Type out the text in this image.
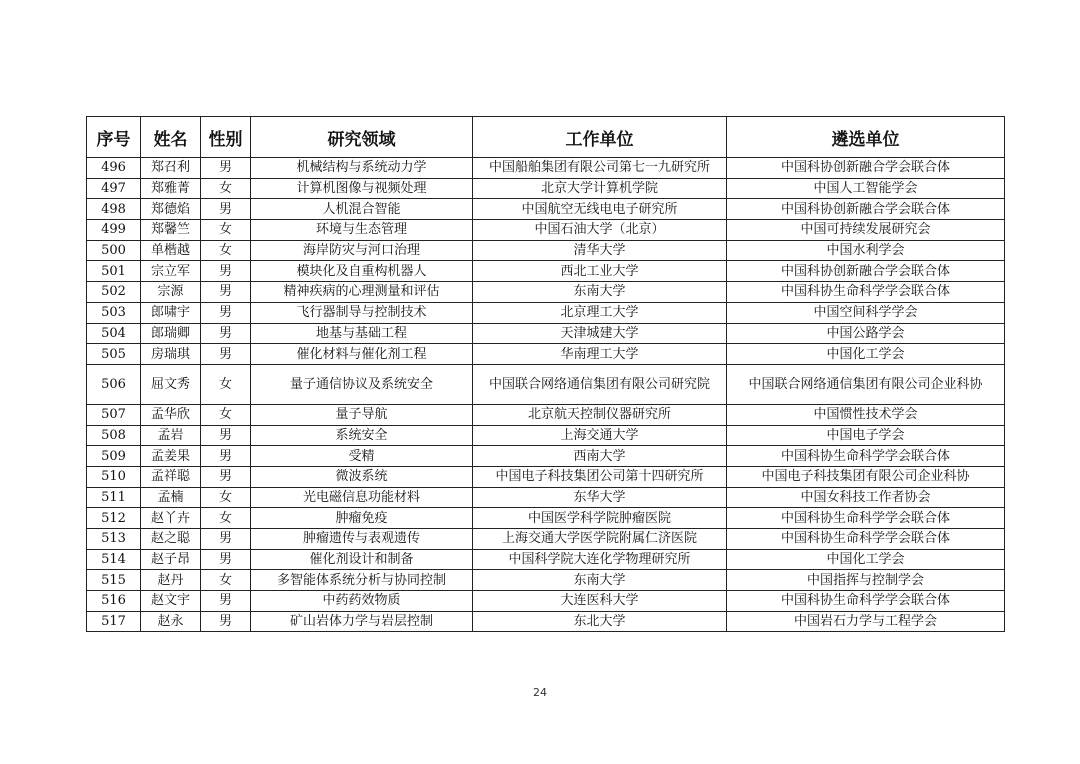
序号	姓名	性别	研究领域	工作单位	遴选单位
496	郑召利	男	机械结构与系统动力学	中国船舶集团有限公司第七一九研究所	中国科协创新融合学会联合体
497	郑雅菁	女	计算机图像与视频处理	北京大学计算机学院	中国人工智能学会
498	郑德焰	男	人机混合智能	中国航空无线电电子研究所	中国科协创新融合学会联合体
499	郑馨竺	女	环境与生态管理	中国石油大学（北京）	中国可持续发展研究会
500	单楷越	女	海岸防灾与河口治理	清华大学	中国水利学会
501	宗立军	男	模块化及自重构机器人	西北工业大学	中国科协创新融合学会联合体
502	宗源	男	精神疾病的心理测量和评估	东南大学	中国科协生命科学学会联合体
503	郎啸宇	男	飞行器制导与控制技术	北京理工大学	中国空间科学学会
504	郎瑞卿	男	地基与基础工程	天津城建大学	中国公路学会
505	房瑞琪	男	催化材料与催化剂工程	华南理工大学	中国化工学会
506	屈文秀	女	量子通信协议及系统安全	中国联合网络通信集团有限公司研究院	中国联合网络通信集团有限公司企业科协
507	孟华欣	女	量子导航	北京航天控制仪器研究所	中国惯性技术学会
508	孟岩	男	系统安全	上海交通大学	中国电子学会
509	孟姜果	男	受精	西南大学	中国科协生命科学学会联合体
510	孟祥聪	男	微波系统	中国电子科技集团公司第十四研究所	中国电子科技集团有限公司企业科协
511	孟楠	女	光电磁信息功能材料	东华大学	中国女科技工作者协会
512	赵丫卉	女	肿瘤免疫	中国医学科学院肿瘤医院	中国科协生命科学学会联合体
513	赵之聪	男	肿瘤遗传与表观遗传	上海交通大学医学院附属仁济医院	中国科协生命科学学会联合体
514	赵子昂	男	催化剂设计和制备	中国科学院大连化学物理研究所	中国化工学会
515	赵丹	女	多智能体系统分析与协同控制	东南大学	中国指挥与控制学会
516	赵文宇	男	中药药效物质	大连医科大学	中国科协生命科学学会联合体
517	赵永	男	矿山岩体力学与岩层控制	东北大学	中国岩石力学与工程学会
24
